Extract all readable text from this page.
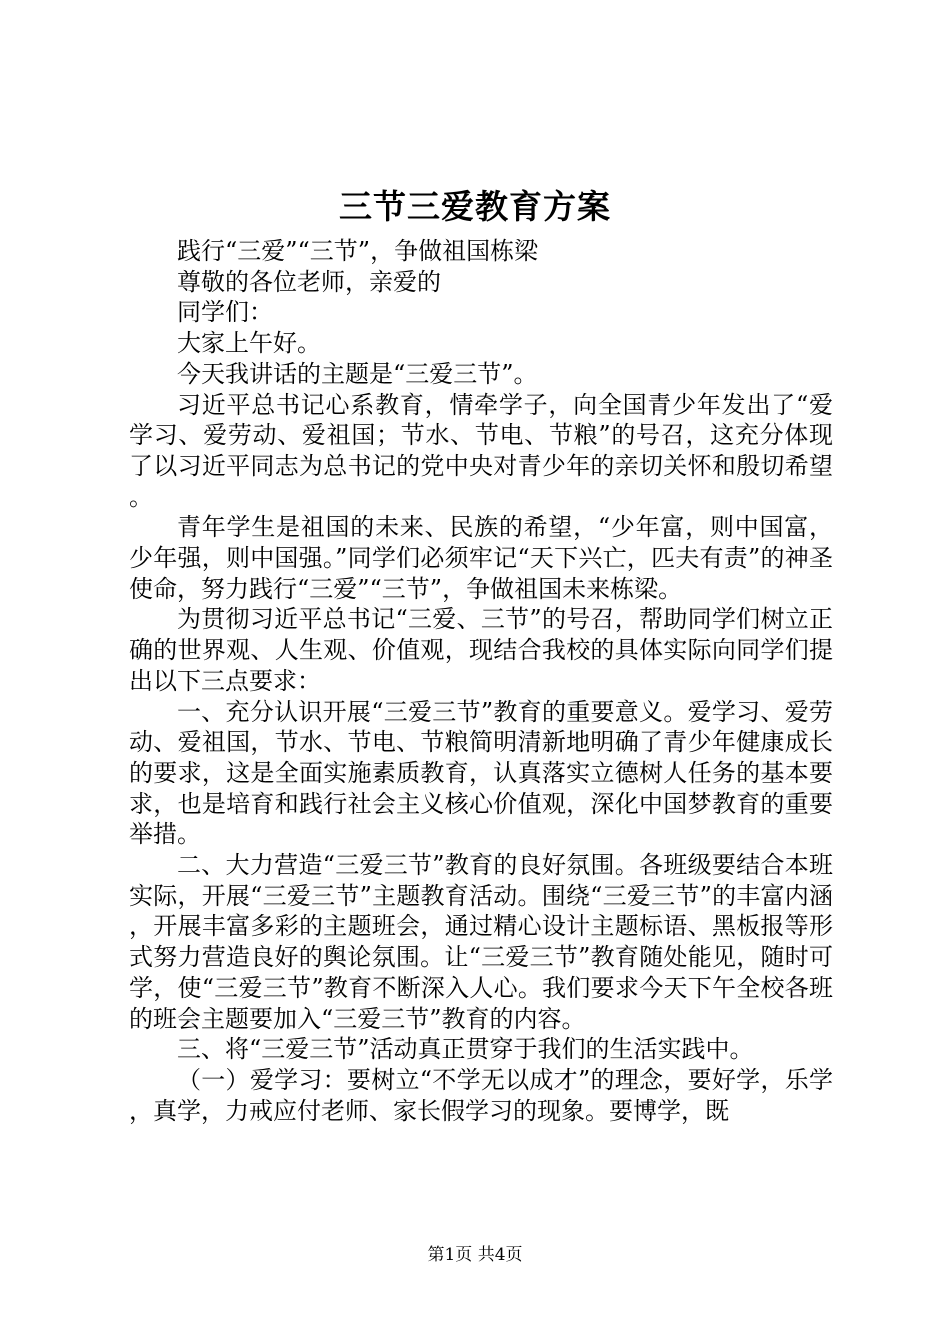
三节三爱教育方案

践行“三爱”“三节”，争做祖国栋梁

尊敬的各位老师，亲爱的

同学们：

大家上午好。

今天我讲话的主题是“三爱三节”。

习近平总书记心系教育，情牵学子，向全国青少年发出了“爱学习、爱劳动、爱祖国；节水、节电、节粮”的号召，这充分体现了以习近平同志为总书记的党中央对青少年的亲切关怀和殷切希望。

青年学生是祖国的未来、民族的希望，“少年富，则中国富，少年强，则中国强。”同学们必须牢记“天下兴亡，匹夫有责”的神圣使命，努力践行“三爱”“三节”，争做祖国未来栋梁。

为贯彻习近平总书记“三爱、三节”的号召，帮助同学们树立正确的世界观、人生观、价值观，现结合我校的具体实际向同学们提出以下三点要求：

一、充分认识开展“三爱三节”教育的重要意义。爱学习、爱劳动、爱祖国，节水、节电、节粮简明清新地明确了青少年健康成长的要求，这是全面实施素质教育，认真落实立德树人任务的基本要求，也是培育和践行社会主义核心价值观，深化中国梦教育的重要举措。

二、大力营造“三爱三节”教育的良好氛围。各班级要结合本班实际，开展“三爱三节”主题教育活动。围绕“三爱三节”的丰富内涵，开展丰富多彩的主题班会，通过精心设计主题标语、黑板报等形式努力营造良好的舆论氛围。让“三爱三节”教育随处能见，随时可学，使“三爱三节”教育不断深入人心。我们要求今天下午全校各班的班会主题要加入“三爱三节”教育的内容。

三、将“三爱三节”活动真正贯穿于我们的生活实践中。

（一）爱学习：要树立“不学无以成才”的理念，要好学，乐学，真学，力戒应付老师、家长假学习的现象。要博学，既

第1页 共4页
